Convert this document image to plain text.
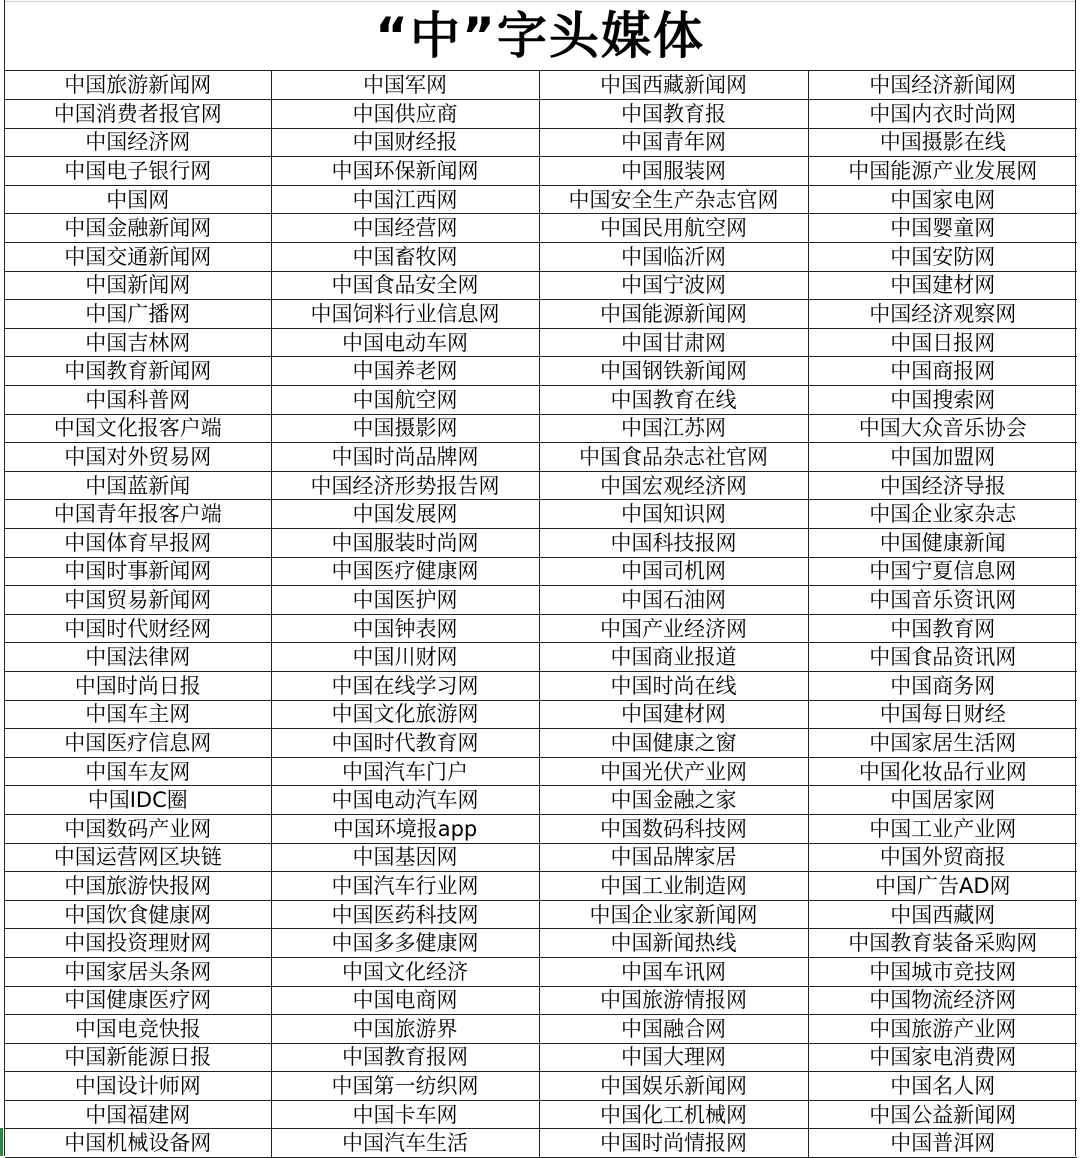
“中”字头媒体
中国旅游新闻网	中国军网	中国西藏新闻网	中国经济新闻网
中国消费者报官网	中国供应商	中国教育报	中国内衣时尚网
中国经济网	中国财经报	中国青年网	中国摄影在线
中国电子银行网	中国环保新闻网	中国服装网	中国能源产业发展网
中国网	中国江西网	中国安全生产杂志官网	中国家电网
中国金融新闻网	中国经营网	中国民用航空网	中国婴童网
中国交通新闻网	中国畜牧网	中国临沂网	中国安防网
中国新闻网	中国食品安全网	中国宁波网	中国建材网
中国广播网	中国饲料行业信息网	中国能源新闻网	中国经济观察网
中国吉林网	中国电动车网	中国甘肃网	中国日报网
中国教育新闻网	中国养老网	中国钢铁新闻网	中国商报网
中国科普网	中国航空网	中国教育在线	中国搜索网
中国文化报客户端	中国摄影网	中国江苏网	中国大众音乐协会
中国对外贸易网	中国时尚品牌网	中国食品杂志社官网	中国加盟网
中国蓝新闻	中国经济形势报告网	中国宏观经济网	中国经济导报
中国青年报客户端	中国发展网	中国知识网	中国企业家杂志
中国体育早报网	中国服装时尚网	中国科技报网	中国健康新闻
中国时事新闻网	中国医疗健康网	中国司机网	中国宁夏信息网
中国贸易新闻网	中国医护网	中国石油网	中国音乐资讯网
中国时代财经网	中国钟表网	中国产业经济网	中国教育网
中国法律网	中国川财网	中国商业报道	中国食品资讯网
中国时尚日报	中国在线学习网	中国时尚在线	中国商务网
中国车主网	中国文化旅游网	中国建材网	中国每日财经
中国医疗信息网	中国时代教育网	中国健康之窗	中国家居生活网
中国车友网	中国汽车门户	中国光伏产业网	中国化妆品行业网
中国IDC圈	中国电动汽车网	中国金融之家	中国居家网
中国数码产业网	中国环境报app	中国数码科技网	中国工业产业网
中国运营网区块链	中国基因网	中国品牌家居	中国外贸商报
中国旅游快报网	中国汽车行业网	中国工业制造网	中国广告AD网
中国饮食健康网	中国医药科技网	中国企业家新闻网	中国西藏网
中国投资理财网	中国多多健康网	中国新闻热线	中国教育装备采购网
中国家居头条网	中国文化经济	中国车讯网	中国城市竞技网
中国健康医疗网	中国电商网	中国旅游情报网	中国物流经济网
中国电竞快报	中国旅游界	中国融合网	中国旅游产业网
中国新能源日报	中国教育报网	中国大理网	中国家电消费网
中国设计师网	中国第一纺织网	中国娱乐新闻网	中国名人网
中国福建网	中国卡车网	中国化工机械网	中国公益新闻网
中国机械设备网	中国汽车生活	中国时尚情报网	中国普洱网
